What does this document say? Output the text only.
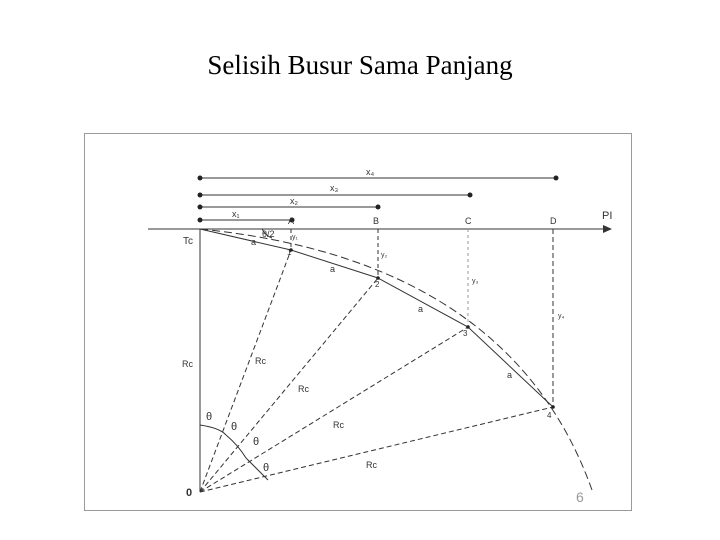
Selisih Busur Sama Panjang
x₄
x₃
x₂
x₁
A	B	C	D
y₁
y₂
y₃
y₄
a
a
a
a
1
2
3
4
Rc	Rc
Rc
Rc
Rc
θ
θ
θ
PI
Tc
θ/2
θ
0	6
